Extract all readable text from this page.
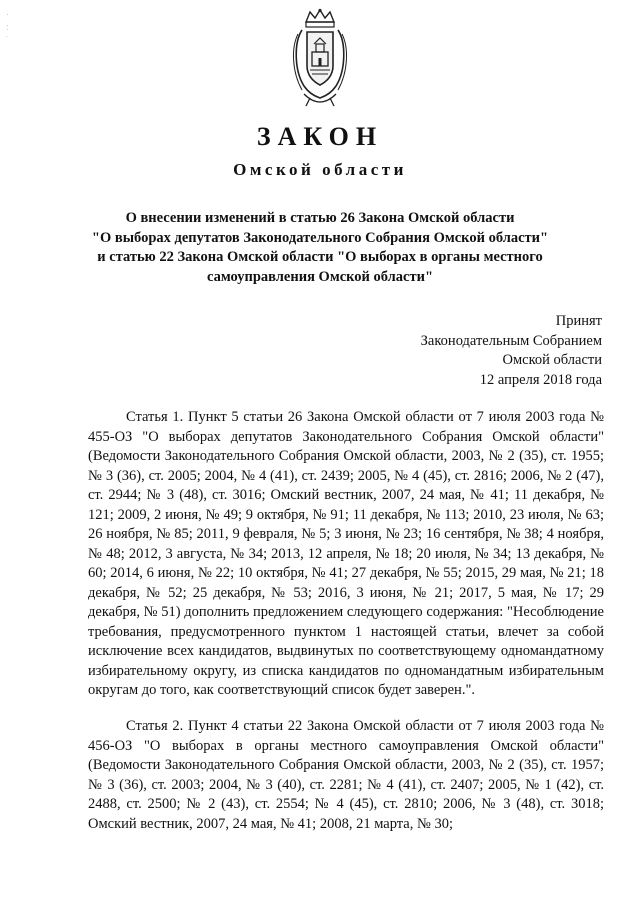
·
:
˙
ЗАКОН
Омской области
О внесении изменений в статью 26 Закона Омской области
"О выборах депутатов Законодательного Собрания Омской области"
и статью 22 Закона Омской области "О выборах в органы местного
самоуправления Омской области"
Принят
Законодательным Собранием
Омской области
12 апреля 2018 года

Статья 1. Пункт 5 статьи 26 Закона Омской области от 7 июля 2003 года № 455-ОЗ "О выборах депутатов Законодательного Собрания Омской области" (Ведомости Законодательного Собрания Омской области, 2003, № 2 (35), ст. 1955; № 3 (36), ст. 2005; 2004, № 4 (41), ст. 2439; 2005, № 4 (45), ст. 2816; 2006, № 2 (47), ст. 2944; № 3 (48), ст. 3016; Омский вестник, 2007, 24 мая, № 41; 11 декабря, № 121; 2009, 2 июня, № 49; 9 октября, № 91; 11 декабря, № 113; 2010, 23 июля, № 63; 26 ноября, № 85; 2011, 9 февраля, № 5; 3 июня, № 23; 16 сентября, № 38; 4 ноября, № 48; 2012, 3 августа, № 34; 2013, 12 апреля, № 18; 20 июля, № 34; 13 декабря, № 60; 2014, 6 июня, № 22; 10 октября, № 41; 27 декабря, № 55; 2015, 29 мая, № 21; 18 декабря, № 52; 25 декабря, № 53; 2016, 3 июня, № 21; 2017, 5 мая, № 17; 29 декабря, № 51) дополнить предложением следующего содержания: "Несоблюдение требования, предусмотренного пунктом 1 настоящей статьи, влечет за собой исключение всех кандидатов, выдвинутых по соответствующему одномандатному избирательному округу, из списка кандидатов по одномандатным избирательным округам до того, как соответствующий список будет заверен.".

Статья 2. Пункт 4 статьи 22 Закона Омской области от 7 июля 2003 года № 456-ОЗ "О выборах в органы местного самоуправления Омской области" (Ведомости Законодательного Собрания Омской области, 2003, № 2 (35), ст. 1957; № 3 (36), ст. 2003; 2004, № 3 (40), ст. 2281; № 4 (41), ст. 2407; 2005, № 1 (42), ст. 2488, ст. 2500; № 2 (43), ст. 2554; № 4 (45), ст. 2810; 2006, № 3 (48), ст. 3018; Омский вестник, 2007, 24 мая, № 41; 2008, 21 марта, № 30;
